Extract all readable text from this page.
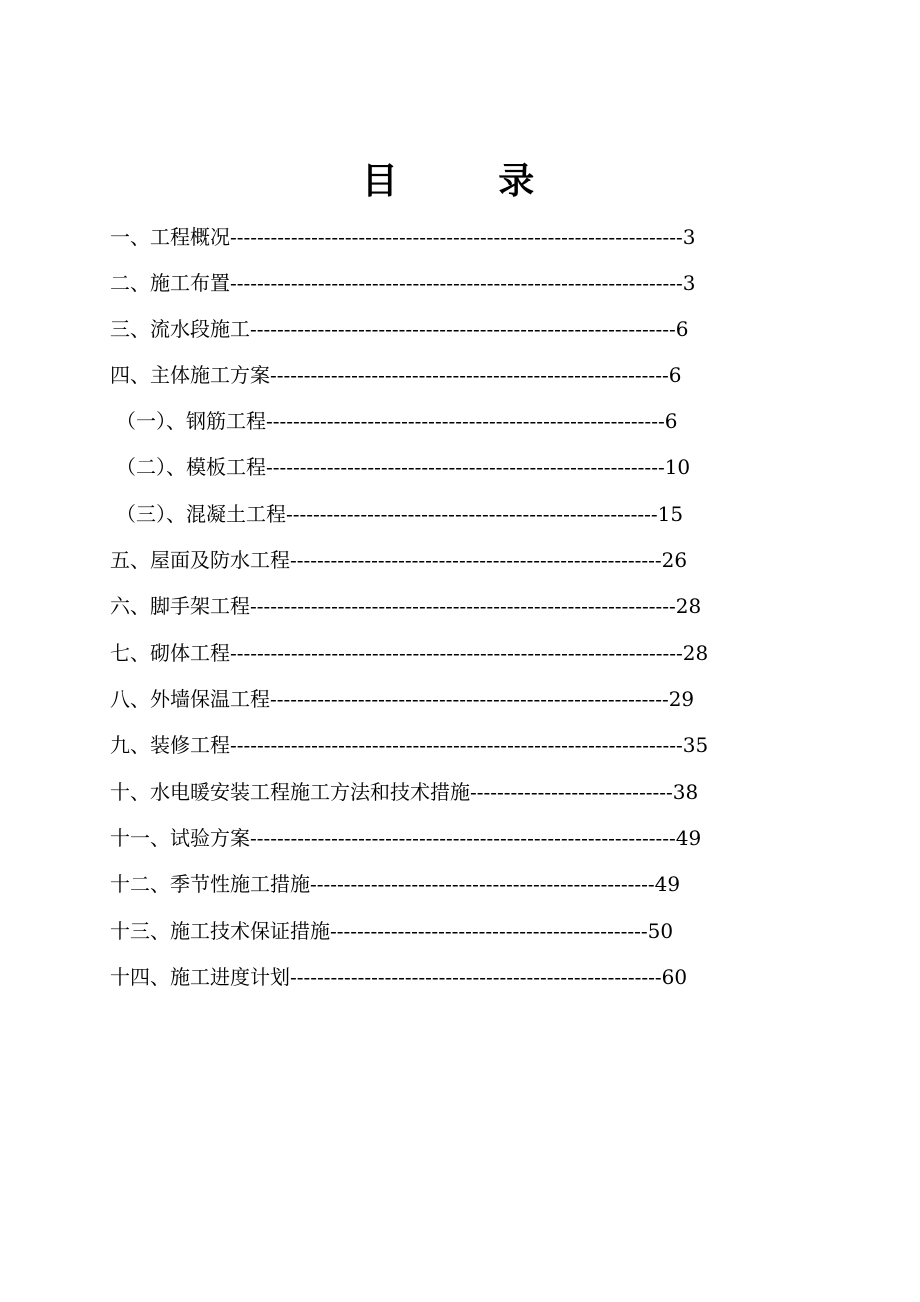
目 录
一、工程概况-------------------------------------------------------------------3
二、施工布置-------------------------------------------------------------------3
三、流水段施工---------------------------------------------------------------6
四、主体施工方案-----------------------------------------------------------6
（一）、钢筋工程-----------------------------------------------------------6
（二）、模板工程-----------------------------------------------------------10
（三）、混凝土工程-------------------------------------------------------15
五、屋面及防水工程-------------------------------------------------------26
六、脚手架工程---------------------------------------------------------------28
七、砌体工程-------------------------------------------------------------------28
八、外墙保温工程-----------------------------------------------------------29
九、装修工程-------------------------------------------------------------------35
十、水电暖安装工程施工方法和技术措施------------------------------38
十一、试验方案---------------------------------------------------------------49
十二、季节性施工措施---------------------------------------------------49
十三、施工技术保证措施-----------------------------------------------50
十四、施工进度计划-------------------------------------------------------60
